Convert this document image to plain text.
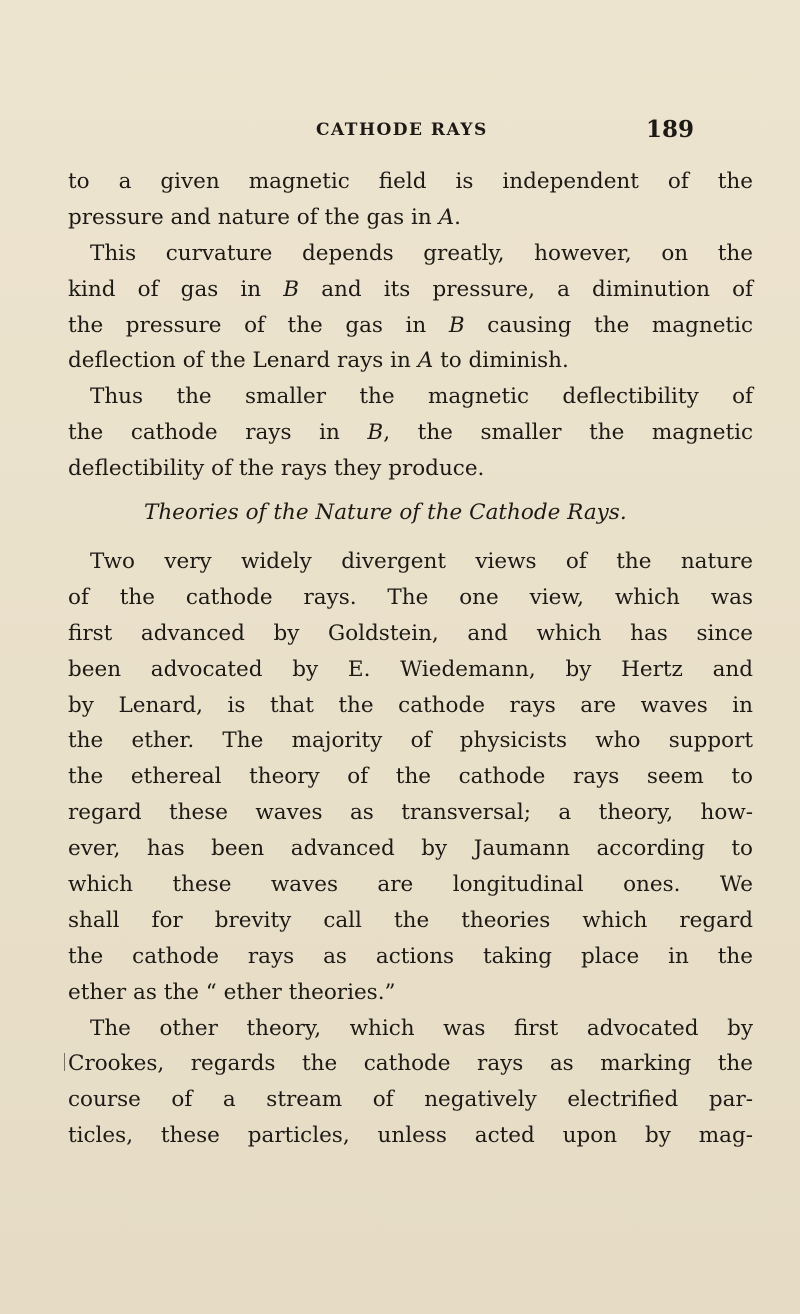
CATHODE RAYS	189
to a given magnetic field is independent of the
pressure and nature of the gas in A.
This curvature depends greatly, however, on the
kind of gas in B and its pressure, a diminution of
the pressure of the gas in B causing the magnetic
deflection of the Lenard rays in A to diminish.
Thus the smaller the magnetic deflectibility of
the cathode rays in B, the smaller the magnetic
deflectibility of the rays they produce.
Theories of the Nature of the Cathode Rays.
Two very widely divergent views of the nature
of the cathode rays. The one view, which was
first advanced by Goldstein, and which has since
been advocated by E. Wiedemann, by Hertz and
by Lenard, is that the cathode rays are waves in
the ether. The majority of physicists who support
the ethereal theory of the cathode rays seem to
regard these waves as transversal; a theory, how-
ever, has been advanced by Jaumann according to
which these waves are longitudinal ones. We
shall for brevity call the theories which regard
the cathode rays as actions taking place in the
ether as the “ ether theories.”
The other theory, which was first advocated by
Crookes, regards the cathode rays as marking the
course of a stream of negatively electrified par-
ticles, these particles, unless acted upon by mag-
